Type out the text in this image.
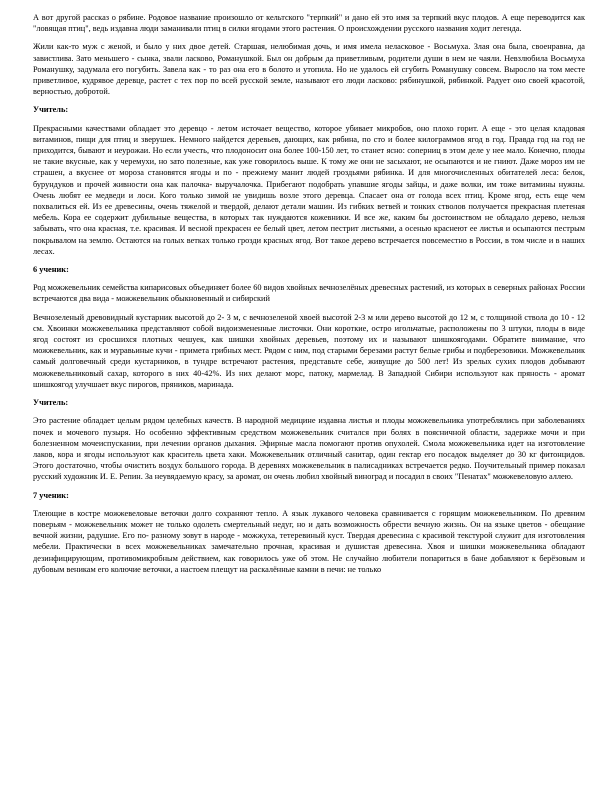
А вот другой рассказ о рябине. Родовое название произошло от кельтского "терпкий" и дано ей это имя за терпкий вкус плодов. А еще переводится как "ловящая птиц", ведь издавна люди заманивали птиц в силки ягодами этого растения. О происхождении русского названия ходит легенда.

Жили как-то муж с женой, и было у них двое детей. Старшая, нелюбимая дочь, и имя имела неласковое - Восьмуха. Злая она была, своенравна, да завистлива. Зато меньшего - сынка, звали ласково, Романушкой. Был он добрым да приветливым, родители души в нем не чаяли. Невзлюбила Восьмуха Романушку, задумала его погубить. Завела как - то раз она его в болото и утопила. Но не удалось ей сгубить Романушку совсем. Выросло на том месте приветливое, кудрявое деревце, растет с тех пор по всей русской земле, называют его люди ласково: рябинушкой, рябинкой. Радует оно своей красотой, верностью, добротой.

Учитель:

Прекрасными качествами обладает это деревцо - летом источает вещество, которое убивает микробов, оно плохо горит. А еще - это целая кладовая витаминов, пищи для птиц и зверушек. Немного найдется деревьев, дающих, как рябина, по сто и более килограммов ягод в год. Правда год на год не приходится, бывают и неурожаи. Но если учесть, что плодоносит она более 100-150 лет, то станет ясно: соперниц в этом деле у нее мало. Конечно, плоды не такие вкусные, как у черемухи, но зато полезные, как уже говорилось выше. К тому же они не засыхают, не осыпаются и не гниют. Даже мороз им не страшен, а вкуснее от мороза становятся ягоды и по - прежнему манит людей гроздьями рябинка. И для многочисленных обитателей леса: белок, бурундуков и прочей живности она как палочка- выручалочка. Прибегают подобрать упавшие ягоды зайцы, и даже волки, им тоже витамины нужны. Очень любят ее медведи и лоси. Кого только зимой не увидишь возле этого деревца. Спасает она от голода всех птиц. Кроме ягод, есть еще чем похвалиться ей. Из ее древесины, очень тяжелой и твердой, делают детали машин. Из гибких ветвей и тонких стволов получается прекрасная плетеная мебель. Кора ее содержит дубильные вещества, в которых так нуждаются кожевники. И все же, каким бы достоинством не обладало дерево, нельзя забывать, что она красная, т.е. красивая. И весной прекрасен ее белый цвет, летом пестрит листьями, а осенью краснеют ее листья и осыпаются пестрым покрывалом на землю. Остаются на голых ветках только грозди красных ягод. Вот такое дерево встречается повсеместно в России, в том числе и в наших лесах.

6 ученик:

Род можжевельник семейства кипарисовых объединяет более 60 видов хвойных вечнозелёных древесных растений, из которых в северных районах России встречаются два вида - можжевельник обыкновенный и сибирский

Вечнозеленый древовидный кустарник высотой до 2- 3 м, с вечнозеленой хвоей высотой 2-3 м или дерево высотой до 12 м, с толщиной ствола до 10 - 12 см. Хвоинки можжевельника представляют собой видоизмененные листочки. Они короткие, остро игольчатые, расположены по 3 штуки, плоды в виде ягод состоят из сросшихся плотных чешуек, как шишки хвойных деревьев, поэтому их и называют шишкоягодами. Обратите внимание, что можжевельник, как и муравьиные кучи - примета грибных мест. Рядом с ним, под старыми березами растут белые грибы и подберезовики. Можжевельник самый долговечный среди кустарников, в тундре встречают растения, представьте себе, живущие до 500 лет! Из зрелых сухих плодов добывают можжевельниковый сахар, которого в них 40-42%. Из них делают морс, патоку, мармелад. В Западной Сибири используют как пряность - аромат шишкоягод улучшает вкус пирогов, пряников, маринада.

Учитель:

Это растение обладает целым рядом целебных качеств. В народной медицине издавна листья и плоды можжевельника употреблялись при заболеваниях почек и мочевого пузыря. Но особенно эффективным средством можжевельник считался при болях в поясничной области, задержке мочи и при болезненном мочеиспускании, при лечении органов дыхания. Эфирные масла помогают против опухолей. Смола можжевельника идет на изготовление лаков, кора и ягоды используют как краситель цвета хаки. Можжевельник отличный санитар, один гектар его посадок выделяет до 30 кг фитонцидов. Этого достаточно, чтобы очистить воздух большого города. В деревнях можжевельник в палисадниках встречается редко. Поучительный пример показал русский художник И. Е. Репин. За неувядаемую красу, за аромат, он очень любил хвойный виноград и посадил в своих "Пенатах" можжевеловую аллею.

7 ученик:

Тлеющие в костре можжевеловые веточки долго сохраняют тепло. А язык лукавого человека сравнивается с горящим можжевельником. По древним поверьям - можжевельник может не только одолеть смертельный недуг, но и дать возможность обрести вечную жизнь. Он на языке цветов - обещание вечной жизни, радушие. Его по- разному зовут в народе - можжуха, тетеревиный куст. Твердая древесина с красивой текстурой служит для изготовления мебели. Практически в всех можжевельниках замечательно прочная, красивая и душистая древесина. Хвоя и шишки можжевельника обладают дезинфицирующим, противомикробным действием, как говорилось уже об этом. Не случайно любители попариться в бане добавляют к берёзовым и дубовым веникам его колючие веточки, а настоем плещут на раскалённые камни в печи: не только
